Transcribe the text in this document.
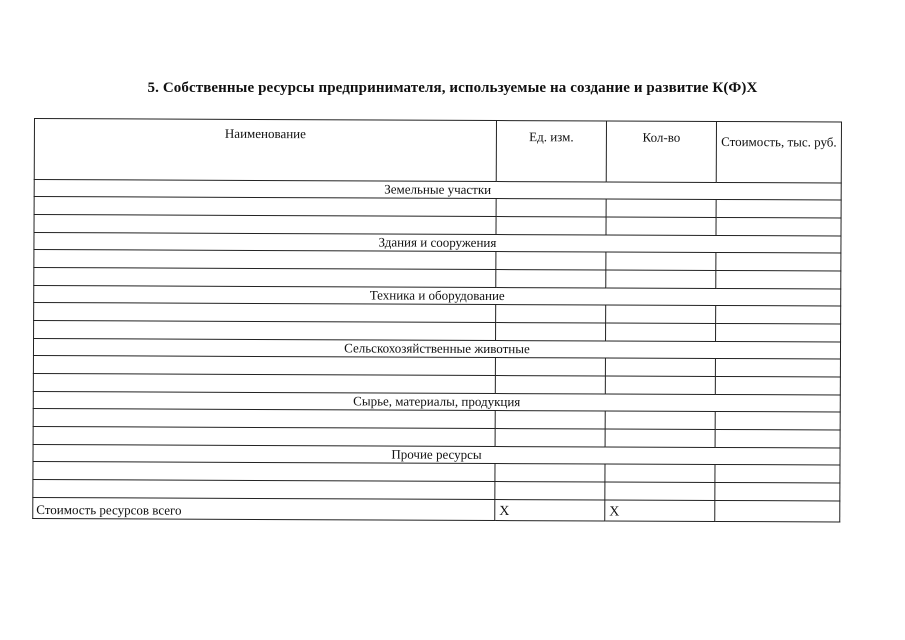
5. Собственные ресурсы предпринимателя, используемые на создание и развитие К(Ф)Х
Наименование	Ед. изм.	Кол-во	Стоимость, тыс. руб.
Земельные участки			

Здания и сооружения			

Техника и оборудование			

Сельскохозяйственные животные			

Сырье, материалы, продукция			

Прочие ресурсы			

Стоимость ресурсов всего	Х	Х	
